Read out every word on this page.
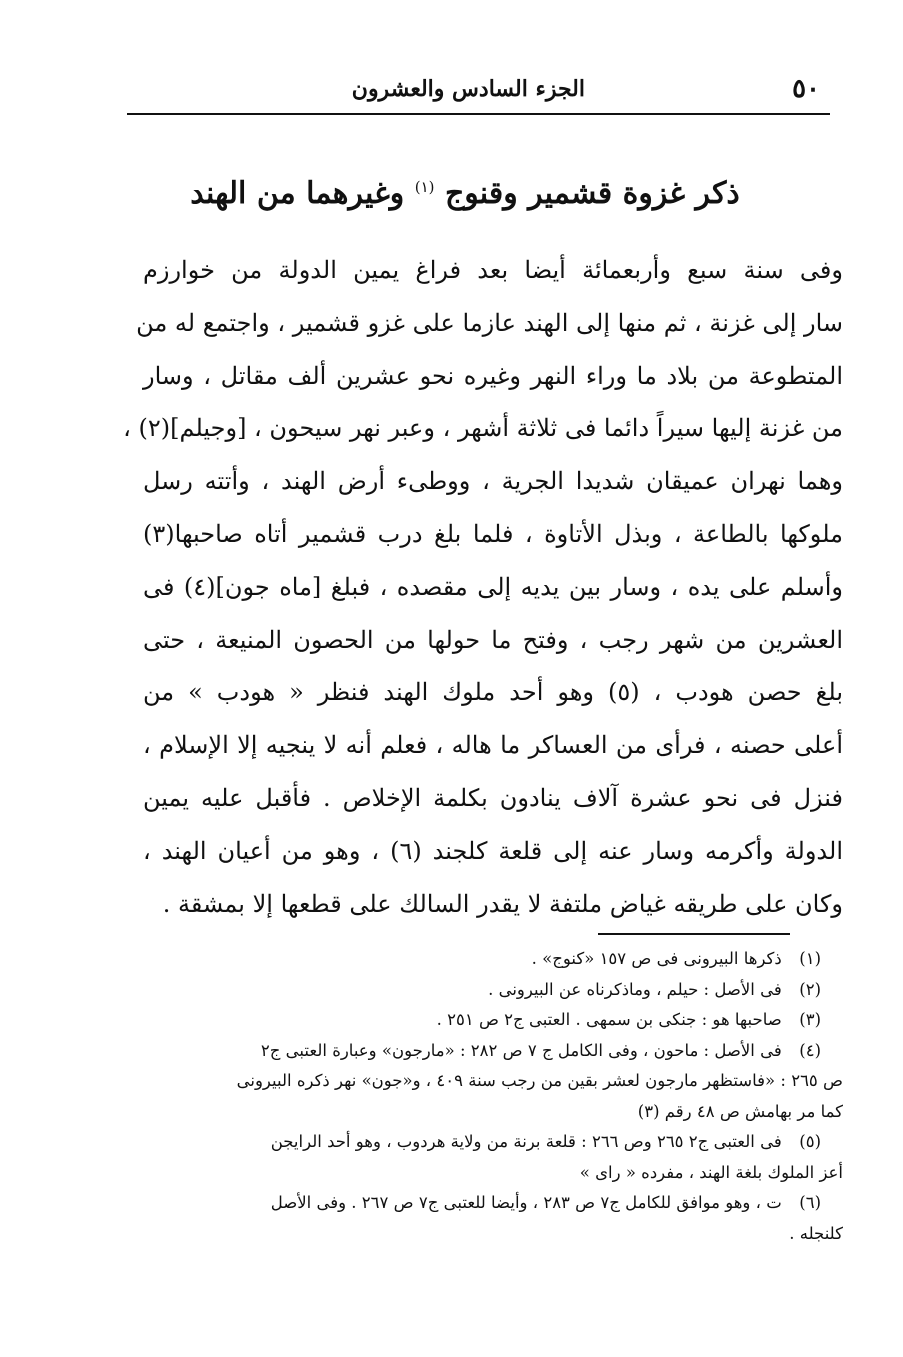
٥٠
الجزء السادس والعشرون
ذكر غزوة قشمير وقنوج $^{(١)}$ وغيرهما من الهند
وفى سنة سبع وأربعمائة أيضا بعد فراغ يمين الدولة من خوارزم
سار إلى غزنة ، ثم منها إلى الهند عازما على غزو قشمير ، واجتمع له من
المتطوعة من بلاد ما وراء النهر وغيره نحو عشرين ألف مقاتل ، وسار
من غزنة إليها سيراً دائما فى ثلاثة أشهر ، وعبر نهر سيحون ، [وجيلم](٢) ،
وهما نهران عميقان شديدا الجرية ، ووطىء أرض الهند ، وأتته رسل
ملوكها بالطاعة ، وبذل الأتاوة ، فلما بلغ درب قشمير أتاه صاحبها(٣)
وأسلم على يده ، وسار بين يديه إلى مقصده ، فبلغ [ماه جون](٤) فى
العشرين من شهر رجب ، وفتح ما حولها من الحصون المنيعة ، حتى
بلغ حصن هودب ، (٥) وهو أحد ملوك الهند فنظر « هودب » من
أعلى حصنه ، فرأى من العساكر ما هاله ، فعلم أنه لا ينجيه إلا الإسلام ،
فنزل فى نحو عشرة آلاف ينادون بكلمة الإخلاص . فأقبل عليه يمين
الدولة وأكرمه وسار عنه إلى قلعة كلجند (٦) ، وهو من أعيان الهند ،
وكان على طريقه غياض ملتفة لا يقدر السالك على قطعها إلا بمشقة .
(١) ذكرها البيرونى فى ص ١٥٧ «كنوج» .
(٢) فى الأصل : حيلم ، وماذكرناه عن البيرونى .
(٣) صاحبها هو : جنكى بن سمهى . العتبى ج٢ ص ٢٥١ .
(٤) فى الأصل : ماحون ، وفى الكامل ج ٧ ص ٢٨٢ : «مارجون» وعبارة العتبى ج٢
ص ٢٦٥ : «فاستظهر مارجون لعشر بقين من رجب سنة ٤٠٩ ، و«جون» نهر ذكره البيرونى
كما مر بهامش ص ٤٨ رقم (٣)
(٥) فى العتبى ج٢ ٢٦٥ وص ٢٦٦ : قلعة برنة من ولاية هردوب ، وهو أحد الرايجن
أعز الملوك بلغة الهند ، مفرده « راى »
(٦) ت ، وهو موافق للكامل ج٧ ص ٢٨٣ ، وأيضا للعتبى ج٧ ص ٢٦٧ . وفى الأصل
كلنجله .
